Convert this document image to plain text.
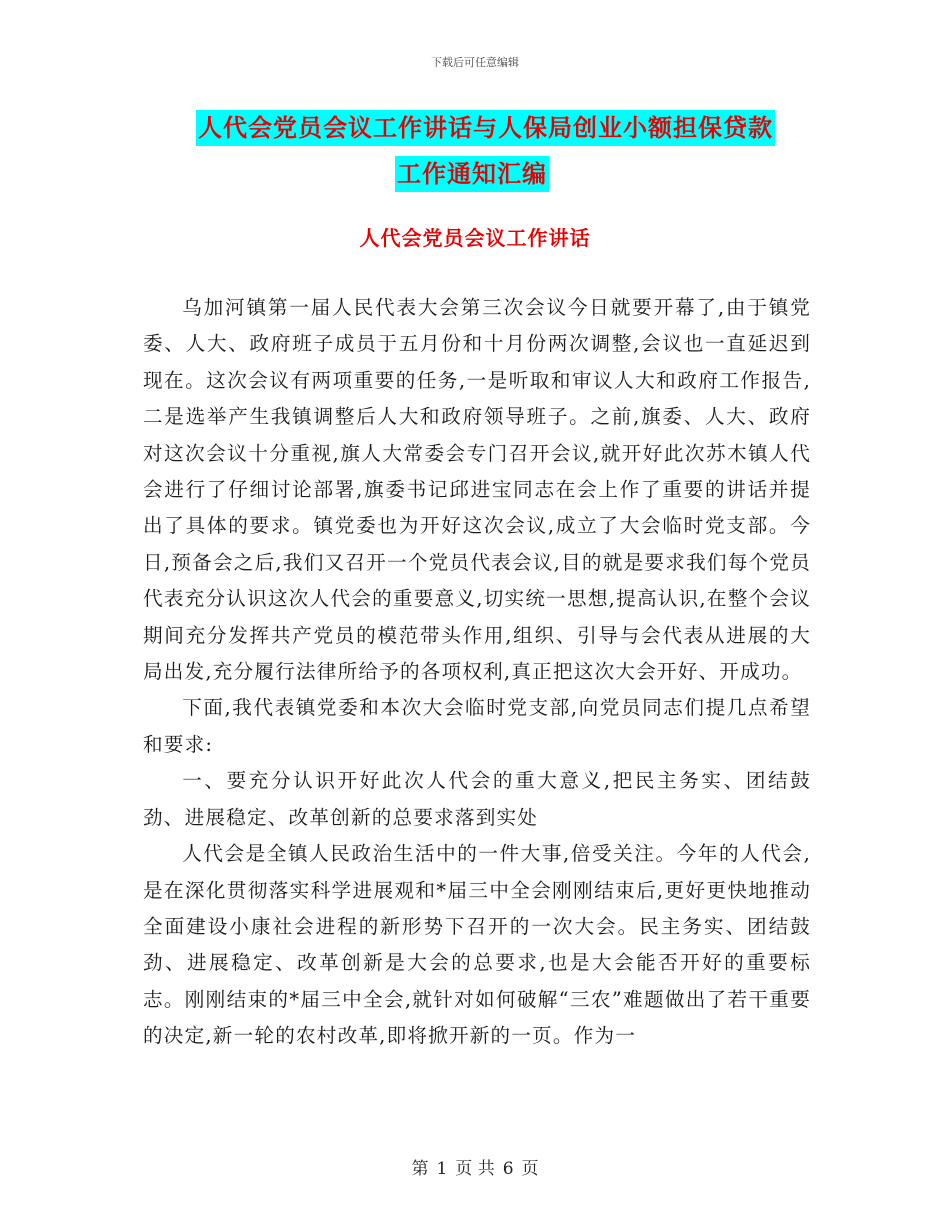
下载后可任意编辑
人代会党员会议工作讲话与人保局创业小额担保贷款
工作通知汇编
人代会党员会议工作讲话

乌加河镇第一届人民代表大会第三次会议今日就要开幕了,由于镇党委、人大、政府班子成员于五月份和十月份两次调整,会议也一直延迟到现在。这次会议有两项重要的任务,一是听取和审议人大和政府工作报告,二是选举产生我镇调整后人大和政府领导班子。之前,旗委、人大、政府对这次会议十分重视,旗人大常委会专门召开会议,就开好此次苏木镇人代会进行了仔细讨论部署,旗委书记邱进宝同志在会上作了重要的讲话并提出了具体的要求。镇党委也为开好这次会议,成立了大会临时党支部。今日,预备会之后,我们又召开一个党员代表会议,目的就是要求我们每个党员代表充分认识这次人代会的重要意义,切实统一思想,提高认识,在整个会议期间充分发挥共产党员的模范带头作用,组织、引导与会代表从进展的大局出发,充分履行法律所给予的各项权利,真正把这次大会开好、开成功。

下面,我代表镇党委和本次大会临时党支部,向党员同志们提几点希望和要求:

一、要充分认识开好此次人代会的重大意义,把民主务实、团结鼓劲、进展稳定、改革创新的总要求落到实处

人代会是全镇人民政治生活中的一件大事,倍受关注。今年的人代会,是在深化贯彻落实科学进展观和*届三中全会刚刚结束后,更好更快地推动全面建设小康社会进程的新形势下召开的一次大会。民主务实、团结鼓劲、进展稳定、改革创新是大会的总要求,也是大会能否开好的重要标志。刚刚结束的*届三中全会,就针对如何破解“三农”难题做出了若干重要的决定,新一轮的农村改革,即将掀开新的一页。作为一

第 1 页 共 6 页
